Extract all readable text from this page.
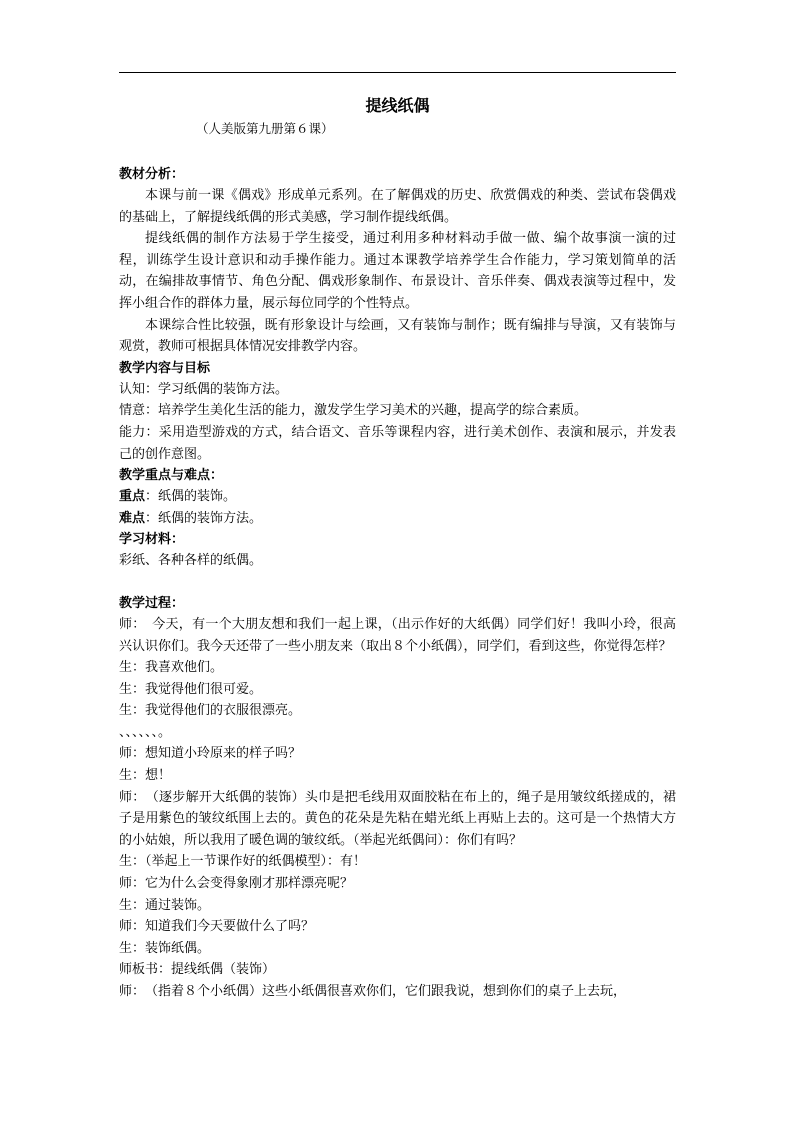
提线纸偶
（人美版第九册第６课）
教材分析：

本课与前一课《偶戏》形成单元系列。在了解偶戏的历史、欣赏偶戏的种类、尝试布袋偶戏的基础上，了解提线纸偶的形式美感，学习制作提线纸偶。

提线纸偶的制作方法易于学生接受，通过利用多种材料动手做一做、编个故事演一演的过程，训练学生设计意识和动手操作能力。通过本课教学培养学生合作能力，学习策划简单的活动，在编排故事情节、角色分配、偶戏形象制作、布景设计、音乐伴奏、偶戏表演等过程中，发挥小组合作的群体力量，展示每位同学的个性特点。

本课综合性比较强，既有形象设计与绘画，又有装饰与制作；既有编排与导演，又有装饰与观赏，教师可根据具体情况安排教学内容。

教学内容与目标

认知：学习纸偶的装饰方法。

情意：培养学生美化生活的能力，激发学生学习美术的兴趣，提高学的综合素质。

能力：采用造型游戏的方式，结合语文、音乐等课程内容，进行美术创作、表演和展示，并发表己的创作意图。

教学重点与难点：

重点：纸偶的装饰。

难点：纸偶的装饰方法。

学习材料：

彩纸、各种各样的纸偶。

教学过程：

师：　今天，有一个大朋友想和我们一起上课，（出示作好的大纸偶）同学们好！我叫小玲，很高兴认识你们。我今天还带了一些小朋友来（取出８个小纸偶），同学们，看到这些，你觉得怎样？

生：我喜欢他们。

生：我觉得他们很可爱。

生：我觉得他们的衣服很漂亮。

、、、、、、。

师：想知道小玲原来的样子吗？

生：想！

师：　（逐步解开大纸偶的装饰）头巾是把毛线用双面胶粘在布上的，绳子是用皱纹纸搓成的，裙子是用紫色的皱纹纸围上去的。黄色的花朵是先粘在蜡光纸上再贴上去的。这可是一个热情大方的小姑娘，所以我用了暖色调的皱纹纸。（举起光纸偶问）：你们有吗？

生：（举起上一节课作好的纸偶模型）：有！

师：它为什么会变得象刚才那样漂亮呢？

生：通过装饰。

师：知道我们今天要做什么了吗？

生：装饰纸偶。

师板书：提线纸偶（装饰）

师：　（指着８个小纸偶）这些小纸偶很喜欢你们，它们跟我说，想到你们的桌子上去玩，
